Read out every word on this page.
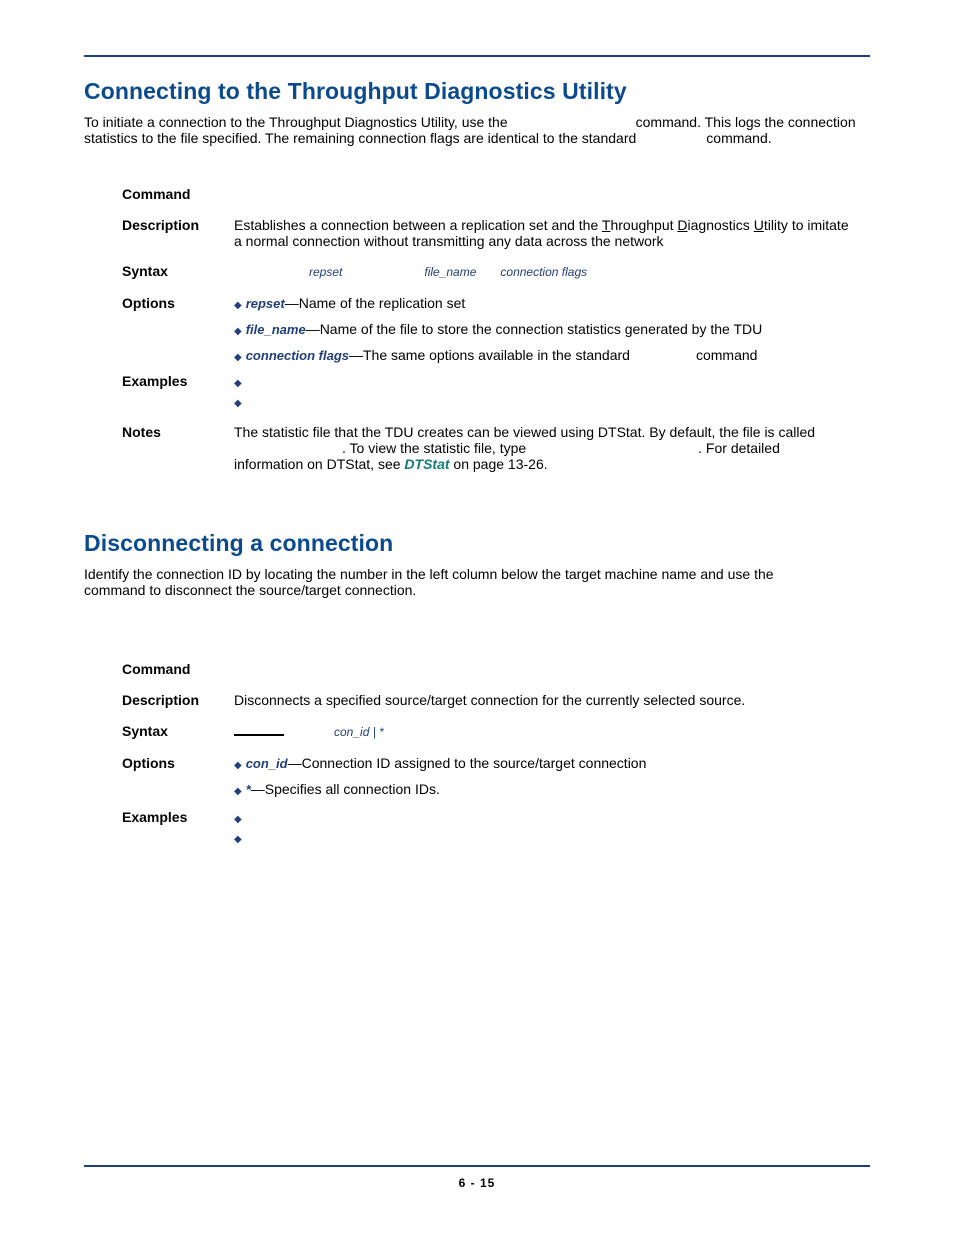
Connecting to the Throughput Diagnostics Utility

To initiate a connection to the Throughput Diagnostics Utility, use the	command. This logs the connection
statistics to the file specified. The remaining connection flags are identical to the standard	command.

Command
Description Establishes a connection between a replication set and the Throughput Diagnostics Utility to imitate
a normal connection without transmitting any data across the network
Syntax	repset	file_name connection flags
Options	◆ repset—Name of the replication set
◆ file_name—Name of the file to store the connection statistics generated by the TDU
◆ connection flags—The same options available in the standard	command
Examples	◆
◆
Notes	The statistic file that the TDU creates can be viewed using DTStat. By default, the file is called
. To view the statistic file, type	. For detailed
information on DTStat, see DTStat on page 13-26.
Disconnecting a connection

Identify the connection ID by locating the number in the left column below the target machine name and use the
command to disconnect the source/target connection.

Command
Description Disconnects a specified source/target connection for the currently selected source.
Syntax	con_id | *
Options	◆ con_id—Connection ID assigned to the source/target connection
◆ *—Specifies all connection IDs.
Examples	◆
◆
6 - 15
